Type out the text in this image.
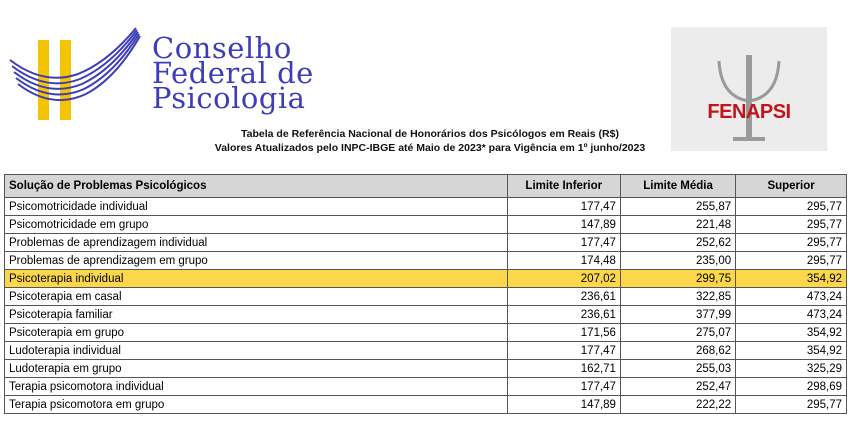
Conselho
Federal de
Psicologia	FENAPSI
Tabela de Referência Nacional de Honorários dos Psicólogos em Reais (R$)
Valores Atualizados pelo INPC-IBGE até Maio de 2023* para Vigência em 1º junho/2023
Solução de Problemas Psicológicos	Limite Inferior	Limite Média	Superior
Psicomotricidade individual	177,47	255,87	295,77
Psicomotricidade em grupo	147,89	221,48	295,77
Problemas de aprendizagem individual	177,47	252,62	295,77
Problemas de aprendizagem em grupo	174,48	235,00	295,77
Psicoterapia individual	207,02	299,75	354,92
Psicoterapia em casal	236,61	322,85	473,24
Psicoterapia familiar	236,61	377,99	473,24
Psicoterapia em grupo	171,56	275,07	354,92
Ludoterapia individual	177,47	268,62	354,92
Ludoterapia em grupo	162,71	255,03	325,29
Terapia psicomotora individual	177,47	252,47	298,69
Terapia psicomotora em grupo	147,89	222,22	295,77
